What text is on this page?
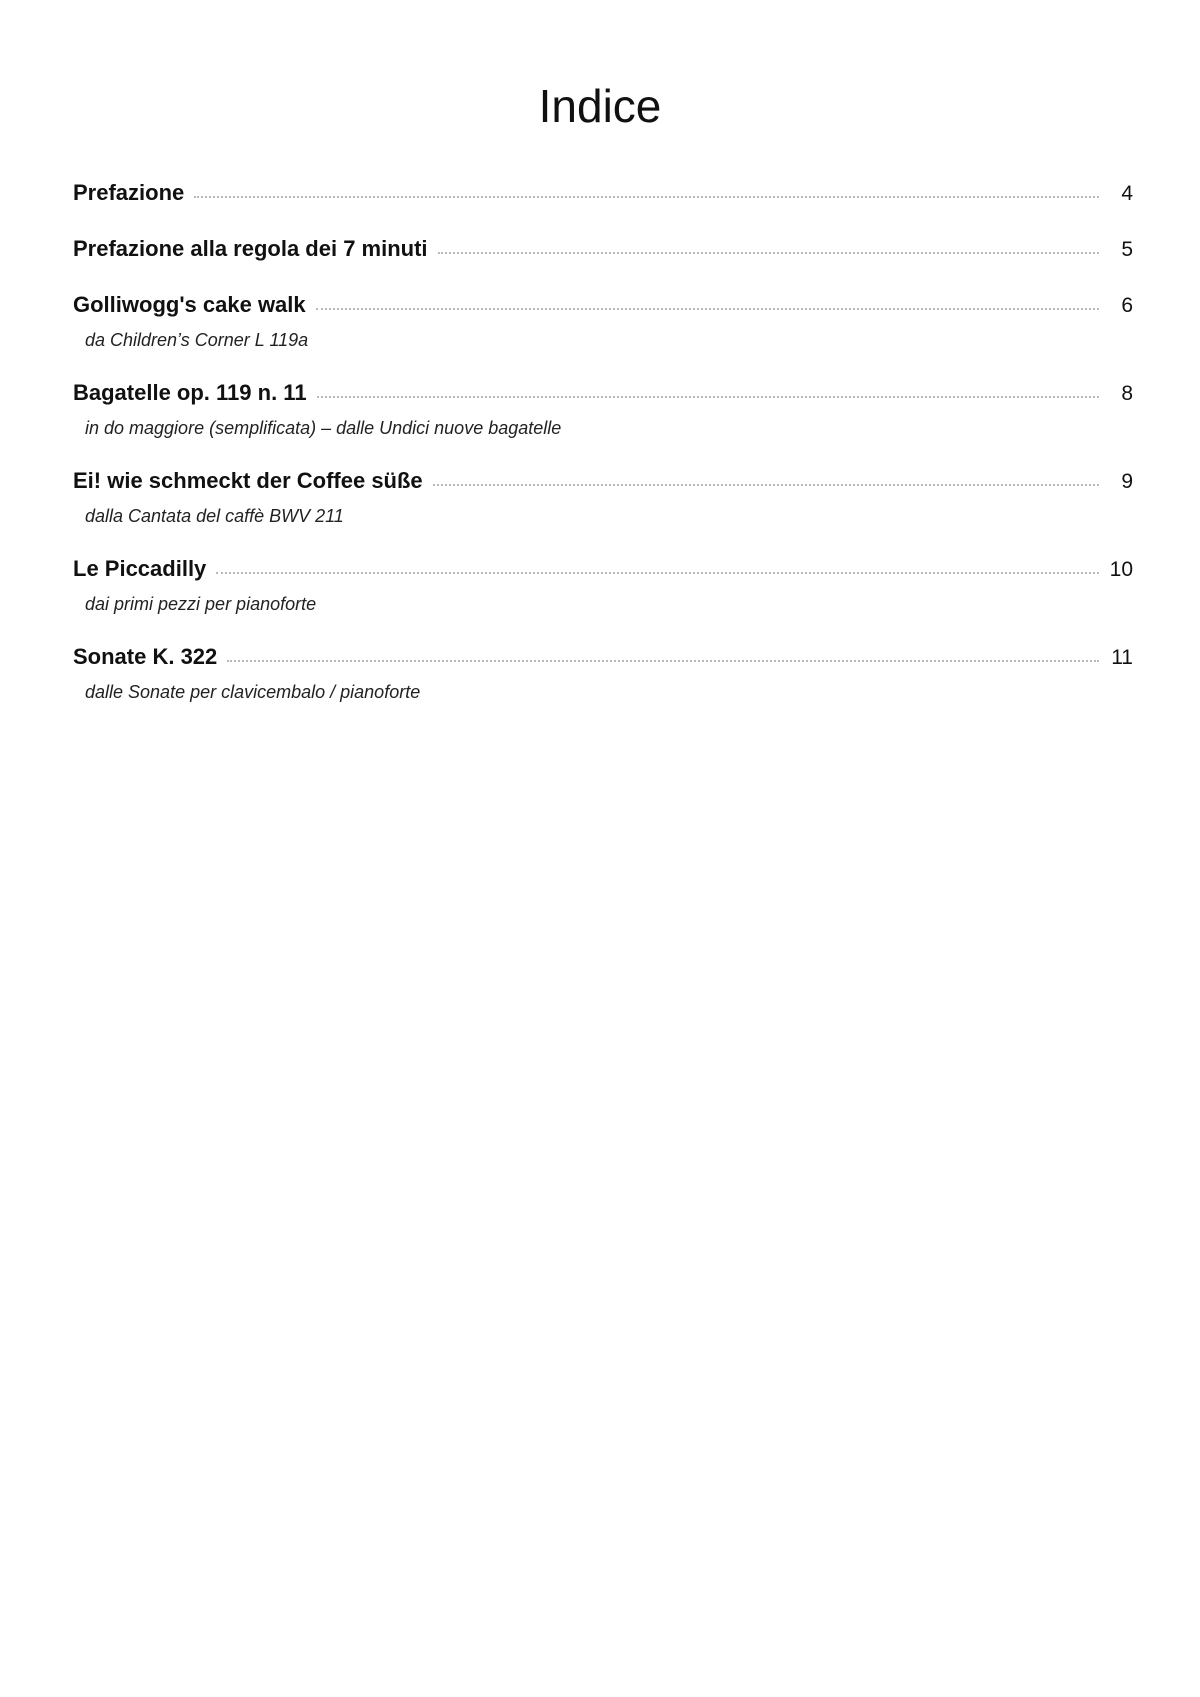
Indice
Prefazione	4
Prefazione alla regola dei 7 minuti	5
Golliwogg's cake walk	6
da Children’s Corner L 119a
Bagatelle op. 119 n. 11	8
in do maggiore (semplificata) – dalle Undici nuove bagatelle
Ei! wie schmeckt der Coffee süße	9
dalla Cantata del caffè BWV 211
Le Piccadilly	10
dai primi pezzi per pianoforte
Sonate K. 322	11
dalle Sonate per clavicembalo / pianoforte
